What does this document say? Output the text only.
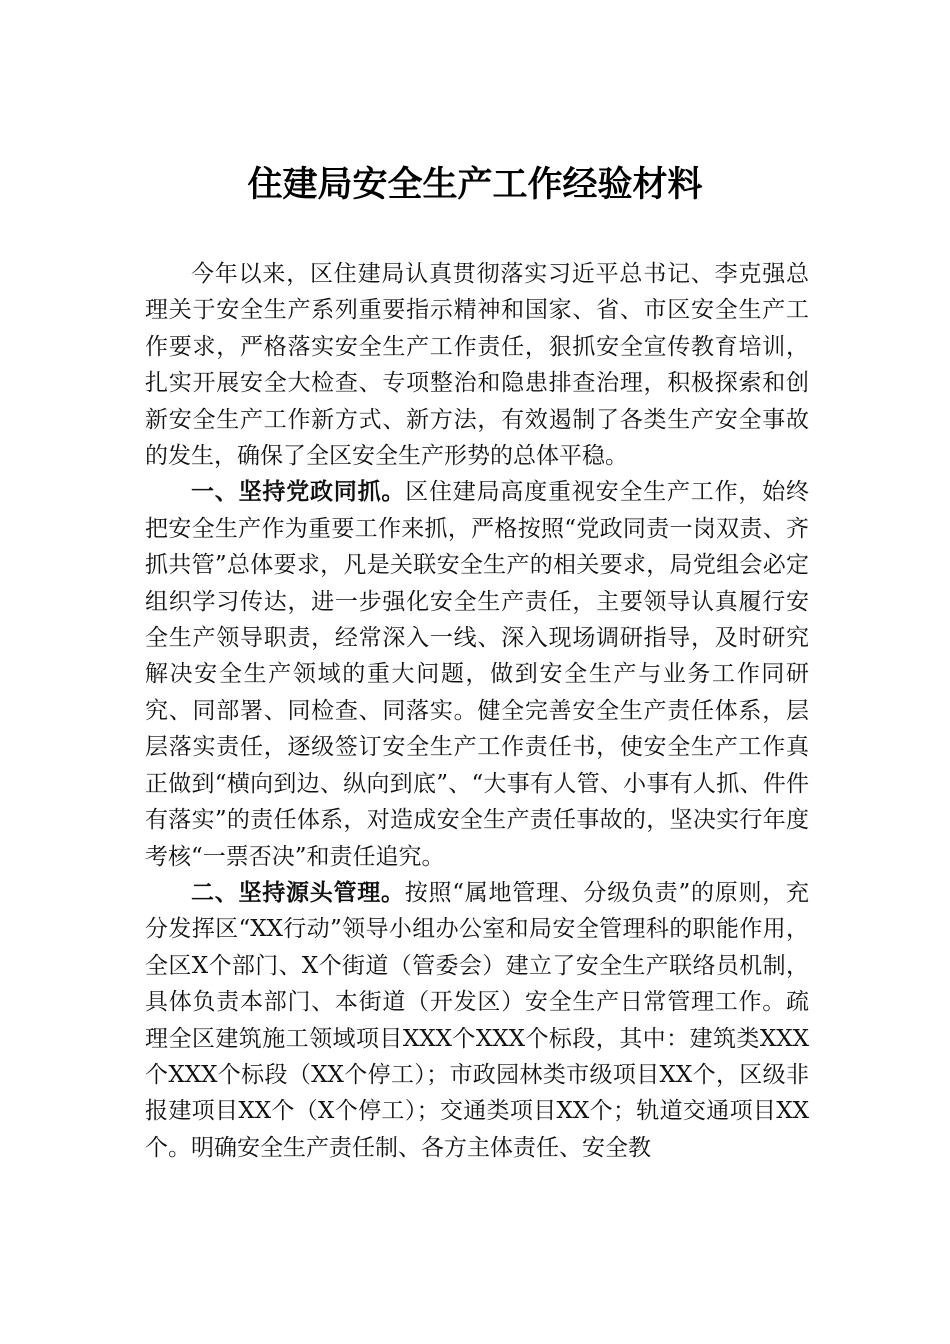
住建局安全生产工作经验材料

今年以来，区住建局认真贯彻落实习近平总书记、李克强总理关于安全生产系列重要指示精神和国家、省、市区安全生产工作要求，严格落实安全生产工作责任，狠抓安全宣传教育培训，扎实开展安全大检查、专项整治和隐患排查治理，积极探索和创新安全生产工作新方式、新方法，有效遏制了各类生产安全事故的发生，确保了全区安全生产形势的总体平稳。

一、坚持党政同抓。区住建局高度重视安全生产工作，始终把安全生产作为重要工作来抓，严格按照“党政同责一岗双责、齐抓共管”总体要求，凡是关联安全生产的相关要求，局党组会必定组织学习传达，进一步强化安全生产责任，主要领导认真履行安全生产领导职责，经常深入一线、深入现场调研指导，及时研究解决安全生产领域的重大问题，做到安全生产与业务工作同研究、同部署、同检查、同落实。健全完善安全生产责任体系，层层落实责任，逐级签订安全生产工作责任书，使安全生产工作真正做到“横向到边、纵向到底”、“大事有人管、小事有人抓、件件有落实”的责任体系，对造成安全生产责任事故的，坚决实行年度考核“一票否决”和责任追究。

二、坚持源头管理。按照“属地管理、分级负责”的原则，充分发挥区“XX行动”领导小组办公室和局安全管理科的职能作用，全区X个部门、X个街道（管委会）建立了安全生产联络员机制，具体负责本部门、本街道（开发区）安全生产日常管理工作。疏理全区建筑施工领域项目XXX个XXX个标段，其中：建筑类XXX个XXX个标段（XX个停工）；市政园林类市级项目XX个，区级非报建项目XX个（X个停工）；交通类项目XX个；轨道交通项目XX个。明确安全生产责任制、各方主体责任、安全教
